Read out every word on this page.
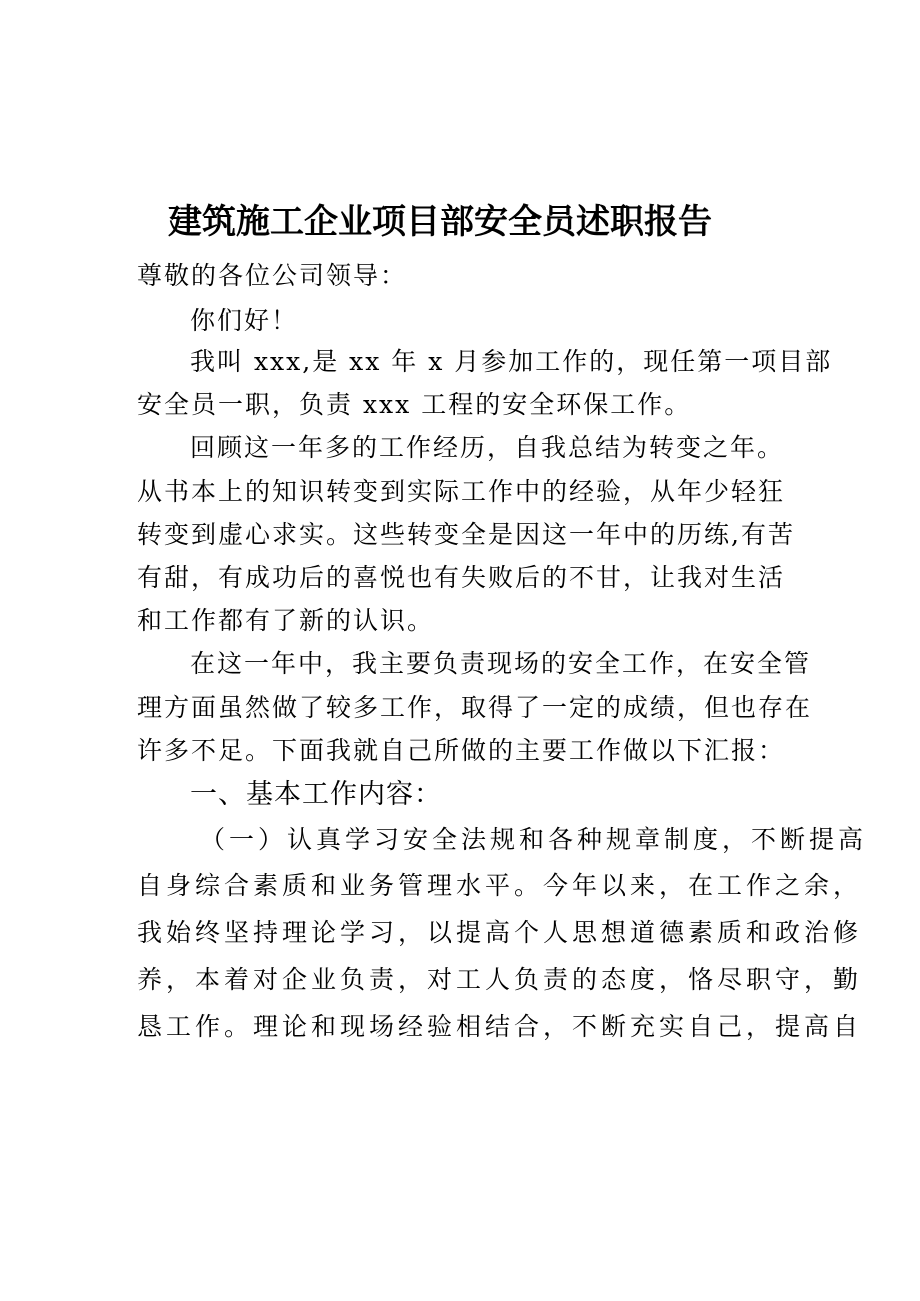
建筑施工企业项目部安全员述职报告
尊敬的各位公司领导：
你们好！
我叫 xxx,是 xx 年 x 月参加工作的，现任第一项目部
安全员一职，负责 xxx 工程的安全环保工作。
回顾这一年多的工作经历，自我总结为转变之年。
从书本上的知识转变到实际工作中的经验，从年少轻狂
转变到虚心求实。这些转变全是因这一年中的历练,有苦
有甜，有成功后的喜悦也有失败后的不甘，让我对生活
和工作都有了新的认识。
在这一年中，我主要负责现场的安全工作，在安全管
理方面虽然做了较多工作，取得了一定的成绩，但也存在
许多不足。下面我就自己所做的主要工作做以下汇报：
一、基本工作内容：
（一）认真学习安全法规和各种规章制度，不断提高
自身综合素质和业务管理水平。今年以来，在工作之余，
我始终坚持理论学习，以提高个人思想道德素质和政治修
养，本着对企业负责，对工人负责的态度，恪尽职守，勤
恳工作。理论和现场经验相结合，不断充实自己，提高自
